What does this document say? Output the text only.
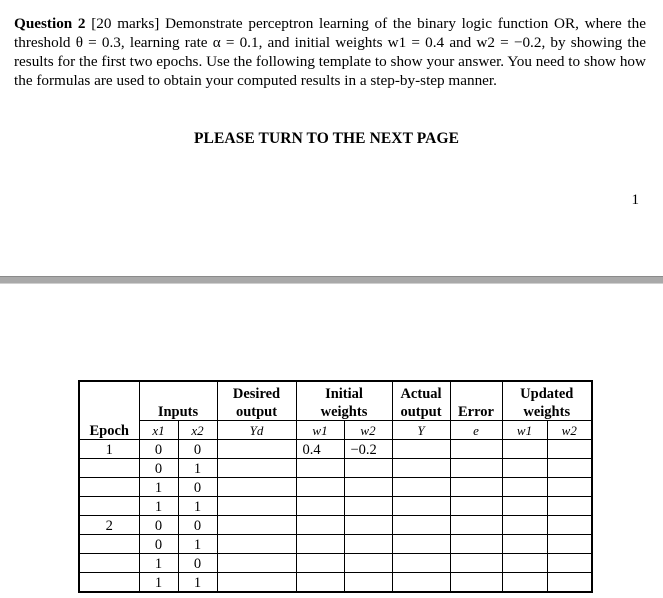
Question 2 [20 marks] Demonstrate perceptron learning of the binary logic function OR, where the threshold θ = 0.3, learning rate α = 0.1, and initial weights w1 = 0.4 and w2 = −0.2, by showing the results for the first two epochs. Use the following template to show your answer. You need to show how the formulas are used to obtain your computed results in a step-by-step manner.

PLEASE TURN TO THE NEXT PAGE
1
			Desired	Initial		Actual		Updated	
	Inputs		output	weights		output	Error	weights	
Epoch	x1	x2	Yd	w1	w2	Y	e	w1	w2
1	0	0		0.4	−0.2				
	0	1							
	1	0							
	1	1							
2	0	0							
	0	1							
	1	0							
	1	1							
